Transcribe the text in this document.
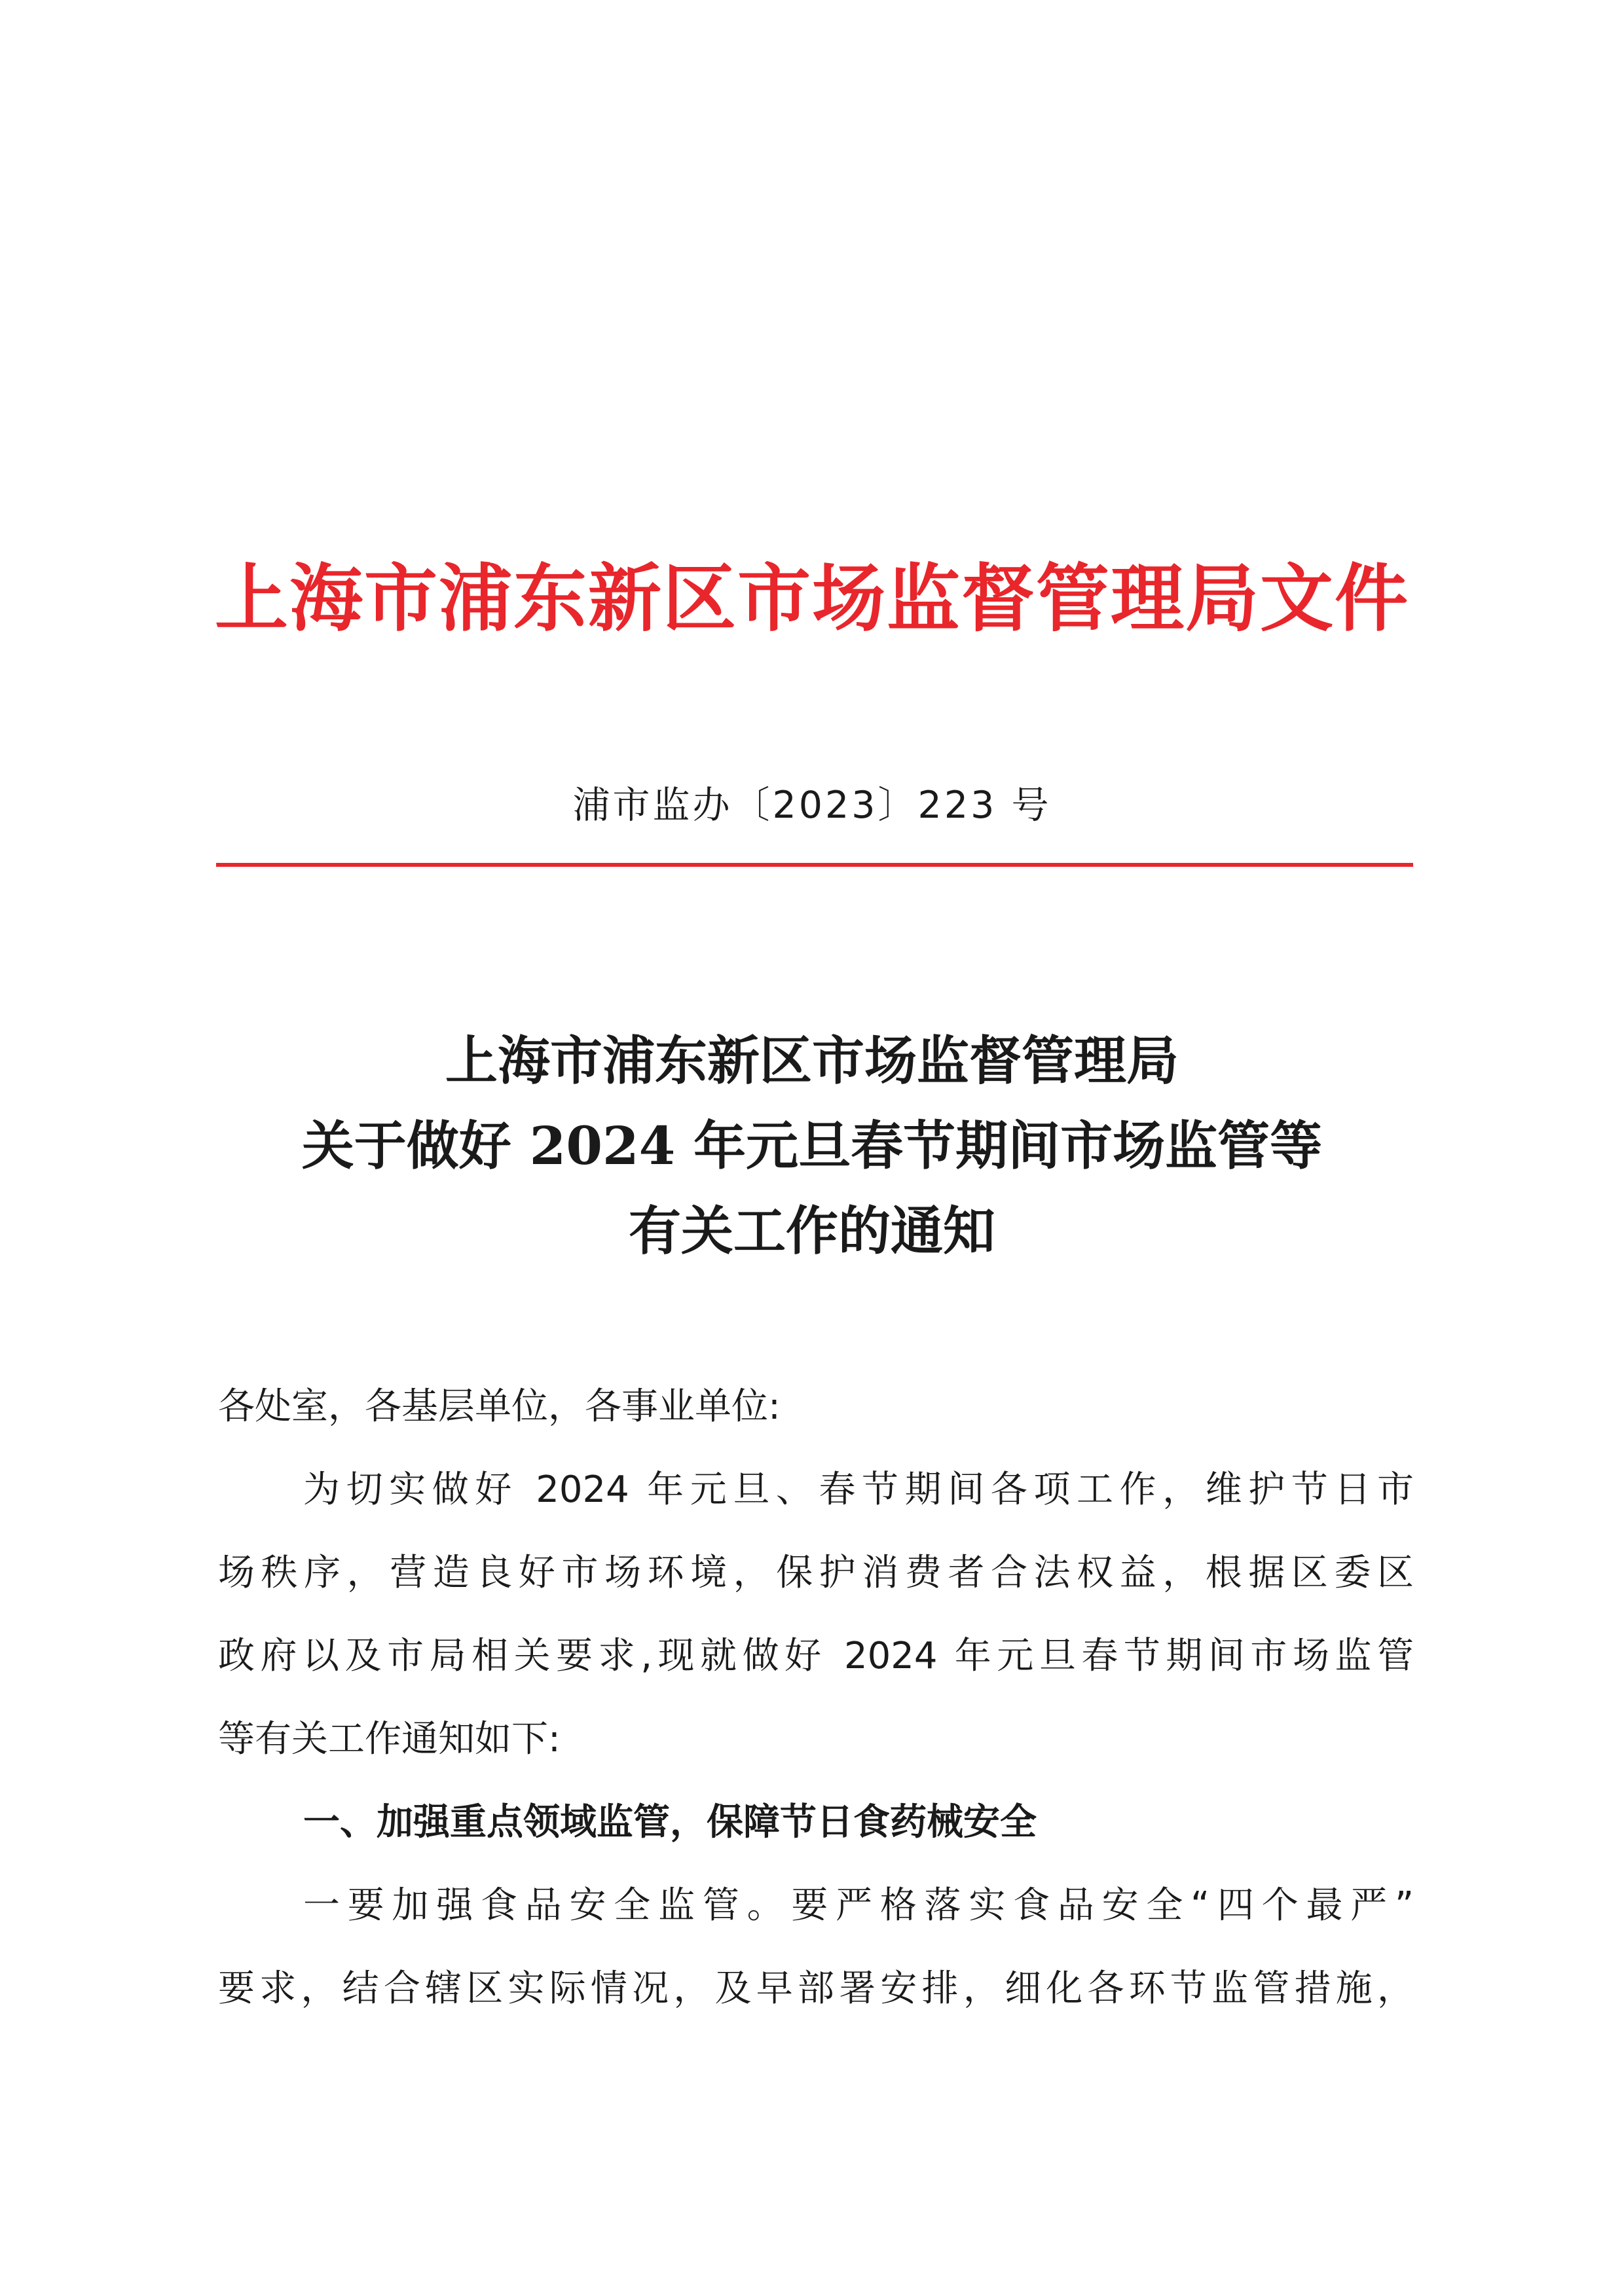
上海市浦东新区市场监督管理局文件
浦市监办〔2023〕223 号
上海市浦东新区市场监督管理局
关于做好 2024 年元旦春节期间市场监管等
有关工作的通知
各处室，各基层单位，各事业单位:
为切实做好 2024 年元旦、春节期间各项工作，维护节日市
场秩序，营造良好市场环境，保护消费者合法权益，根据区委区
政府以及市局相关要求,现就做好 2024 年元旦春节期间市场监管
等有关工作通知如下:
一、加强重点领域监管，保障节日食药械安全
一要加强食品安全监管。要严格落实食品安全“四个最严”
要求，结合辖区实际情况，及早部署安排，细化各环节监管措施，
